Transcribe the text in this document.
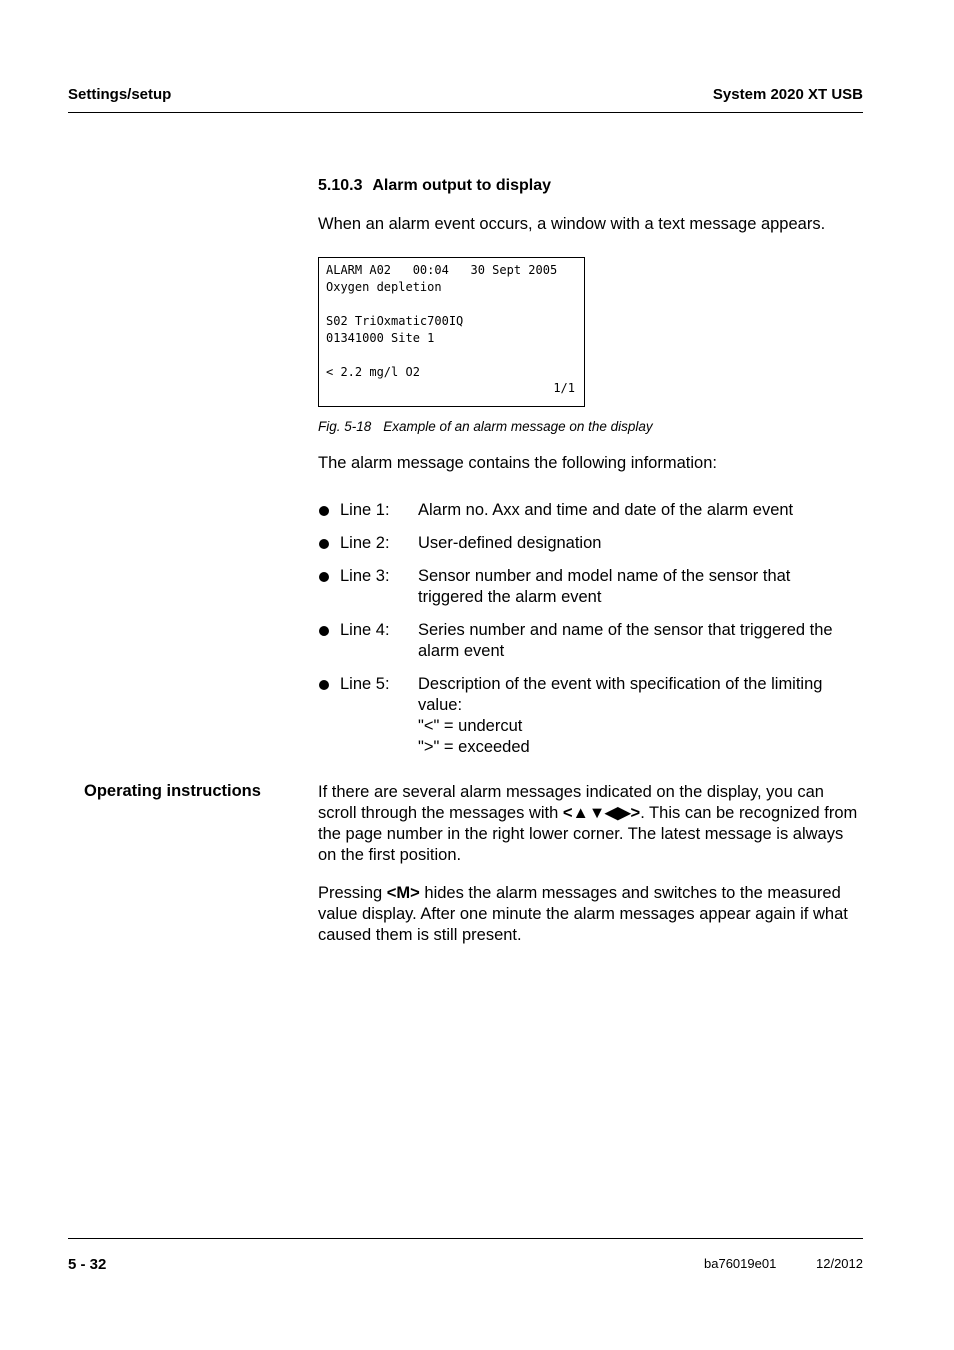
Settings/setup	System 2020 XT USB
5.10.3 Alarm output to display
When an alarm event occurs, a window with a text message appears.
ALARM A02   00:04   30 Sept 2005
Oxygen depletion
S02 TriOxmatic700IQ
01341000 Site 1
< 2.2 mg/l O2
1/1
Fig. 5-18 Example of an alarm message on the display
The alarm message contains the following information:
Line 1: Alarm no. Axx and time and date of the alarm event
Line 2: User-defined designation
Line 3: Sensor number and model name of the sensor that
triggered the alarm event
Line 4: Series number and name of the sensor that triggered the
alarm event
Line 5: Description of the event with specification of the limiting
value:
"<" = undercut
">" = exceeded
Operating instructions	If there are several alarm messages indicated on the display, you can scroll through the messages with <▲▼◀▶>. This can be recognized from the page number in the right lower corner. The latest message is always on the first position.
Pressing <M> hides the alarm messages and switches to the measured value display. After one minute the alarm messages appear again if what caused them is still present.
5 - 32	ba76019e01	12/2012
